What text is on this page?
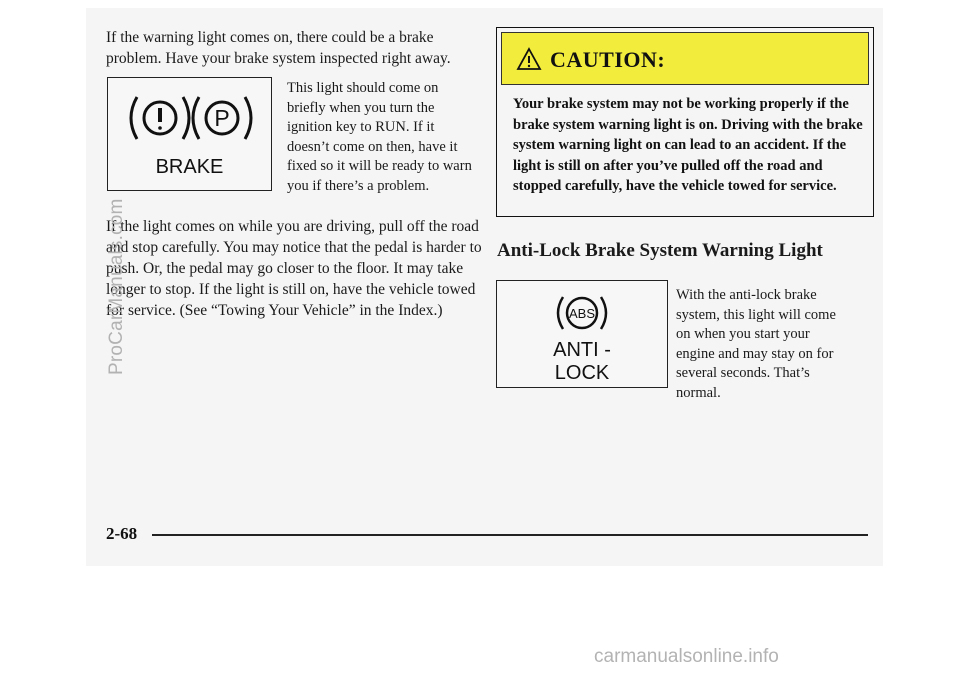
If the warning light comes on, there could be a brake problem. Have your brake system inspected right away.

P
BRAKE

This light should come on briefly when you turn the ignition key to RUN. If it doesn’t come on then, have it fixed so it will be ready to warn you if there’s a problem.

If the light comes on while you are driving, pull off the road and stop carefully. You may notice that the pedal is harder to push. Or, the pedal may go closer to the floor. It may take longer to stop. If the light is still on, have the vehicle towed for service. (See “Towing Your Vehicle” in the Index.)

CAUTION:

Your brake system may not be working properly if the brake system warning light is on. Driving with the brake system warning light on can lead to an accident. If the light is still on after you’ve pulled off the road and stopped carefully, have the vehicle towed for service.

Anti-Lock Brake System Warning Light
ABS
ANTI -
LOCK

With the anti-lock brake system, this light will come on when you start your engine and may stay on for several seconds. That’s normal.

2-68
ProCarManuals.com
carmanualsonline.info
